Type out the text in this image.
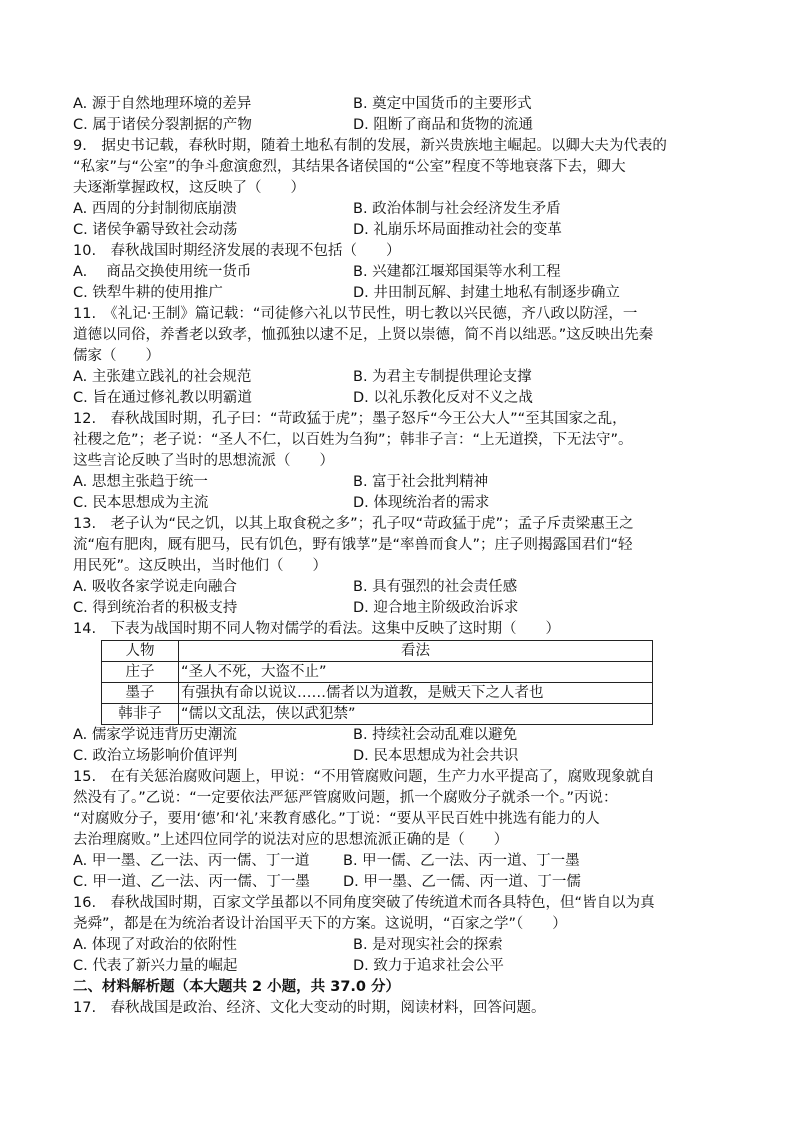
A. 源于自然地理环境的差异	B. 奠定中国货币的主要形式
C. 属于诸侯分裂割据的产物	D. 阻断了商品和货物的流通
9.　据史书记载，春秋时期，随着土地私有制的发展，新兴贵族地主崛起。以卿大夫为代表的
“私家”与“公室”的争斗愈演愈烈，其结果各诸侯国的“公室”程度不等地衰落下去，卿大
夫逐渐掌握政权，这反映了（　　）
A. 西周的分封制彻底崩溃	B. 政治体制与社会经济发生矛盾
C. 诸侯争霸导致社会动荡	D. 礼崩乐坏局面推动社会的变革
10.　春秋战国时期经济发展的表现不包括（　　）
A.　 商品交换使用统一货币	B. 兴建都江堰郑国渠等水利工程
C. 铁犁牛耕的使用推广	D. 井田制瓦解、封建土地私有制逐步确立
11.　《礼记·王制》篇记载：“司徒修六礼以节民性，明七教以兴民德，齐八政以防淫，一
道德以同俗，养耆老以致孝，恤孤独以逮不足，上贤以崇德，简不肖以绌恶。”这反映出先秦
儒家（　　）
A. 主张建立践礼的社会规范	B. 为君主专制提供理论支撑
C. 旨在通过修礼教以明霸道	D. 以礼乐教化反对不义之战
12.　春秋战国时期，孔子曰：“苛政猛于虎”；墨子怒斥“今王公大人”“至其国家之乱，
社稷之危”；老子说：“圣人不仁，以百姓为刍狗”；韩非子言：“上无道揆，下无法守”。
这些言论反映了当时的思想流派（　　）
A. 思想主张趋于统一	B. 富于社会批判精神
C. 民本思想成为主流	D. 体现统治者的需求
13.　老子认为“民之饥，以其上取食税之多”；孔子叹“苛政猛于虎”；孟子斥责梁惠王之
流“庖有肥肉，厩有肥马，民有饥色，野有饿莩”是“率兽而食人”；庄子则揭露国君们“轻
用民死”。这反映出，当时他们（　　）
A. 吸收各家学说走向融合	B. 具有强烈的社会责任感
C. 得到统治者的积极支持	D. 迎合地主阶级政治诉求
14.　下表为战国时期不同人物对儒学的看法。这集中反映了这时期（　　）
人物	看法
庄子	“圣人不死，大盗不止”
墨子	有强执有命以说议……儒者以为道教，是贼天下之人者也
韩非子	“儒以文乱法，侠以武犯禁”
A. 儒家学说违背历史潮流	B. 持续社会动乱难以避免
C. 政治立场影响价值评判	D. 民本思想成为社会共识
15.　在有关惩治腐败问题上，甲说：“不用管腐败问题，生产力水平提高了，腐败现象就自
然没有了。”乙说：“一定要依法严惩严管腐败问题，抓一个腐败分子就杀一个。”丙说：
“对腐败分子，要用‘德’和‘礼’来教育感化。”丁说：“要从平民百姓中挑选有能力的人
去治理腐败。”上述四位同学的说法对应的思想流派正确的是（　　）
A. 甲一墨、乙一法、丙一儒、丁一道 B. 甲一儒、乙一法、丙一道、丁一墨
C. 甲一道、乙一法、丙一儒、丁一墨 D. 甲一墨、乙一儒、丙一道、丁一儒
16.　春秋战国时期，百家文学虽都以不同角度突破了传统道术而各具特色，但“皆自以为真
尧舜”，都是在为统治者设计治国平天下的方案。这说明，“百家之学”（　　）
A. 体现了对政治的依附性	B. 是对现实社会的探索
C. 代表了新兴力量的崛起	D. 致力于追求社会公平
二、材料解析题（本大题共 2 小题，共 37.0 分）
17.　春秋战国是政治、经济、文化大变动的时期，阅读材料，回答问题。
